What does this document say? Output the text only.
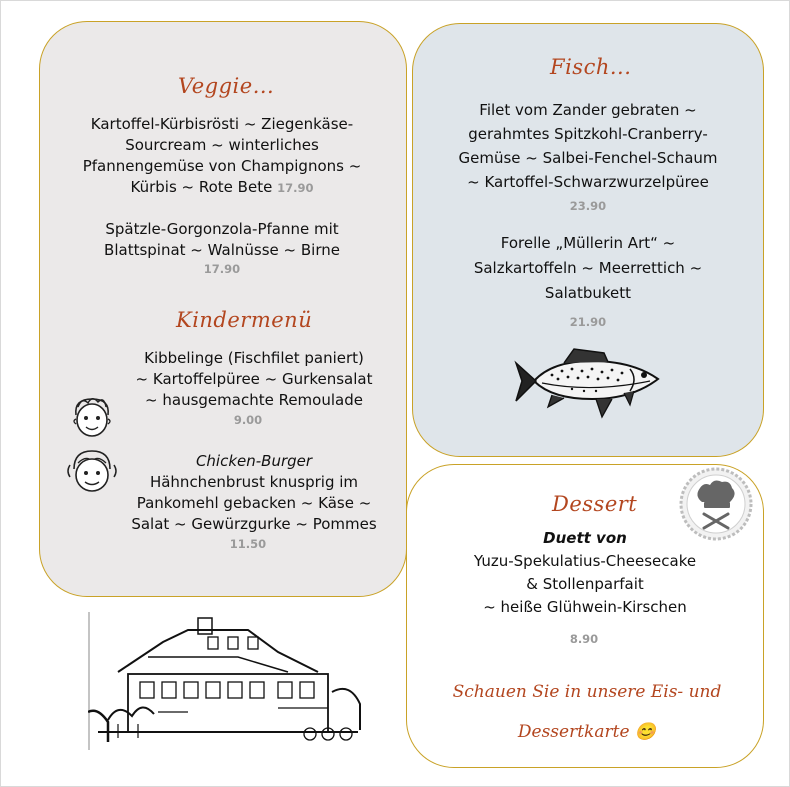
Veggie...
Kartoffel-Kürbisrösti ~ Ziegenkäse-
Sourcream ~ winterliches
Pfannengemüse von Champignons ~
Kürbis ~ Rote Bete 17.90
Spätzle-Gorgonzola-Pfanne mit
Blattspinat ~ Walnüsse ~ Birne
17.90
Kindermenü
Kibbelinge (Fischfilet paniert)
~ Kartoffelpüree ~ Gurkensalat
~ hausgemachte Remoulade
9.00
Chicken-Burger
Hähnchenbrust knusprig im
Pankomehl gebacken ~ Käse ~
Salat ~ Gewürzgurke ~ Pommes
11.50
Fisch...
Filet vom Zander gebraten ~
gerahmtes Spitzkohl-Cranberry-
Gemüse ~ Salbei-Fenchel-Schaum
~ Kartoffel-Schwarzwurzelpüree
23.90
Forelle „Müllerin Art“ ~
Salzkartoffeln ~ Meerrettich ~
Salatbukett
21.90
Dessert
Duett von
Yuzu-Spekulatius-Cheesecake
& Stollenparfait
~ heiße Glühwein-Kirschen
8.90
Schauen Sie in unsere Eis- und
Dessertkarte 😊
